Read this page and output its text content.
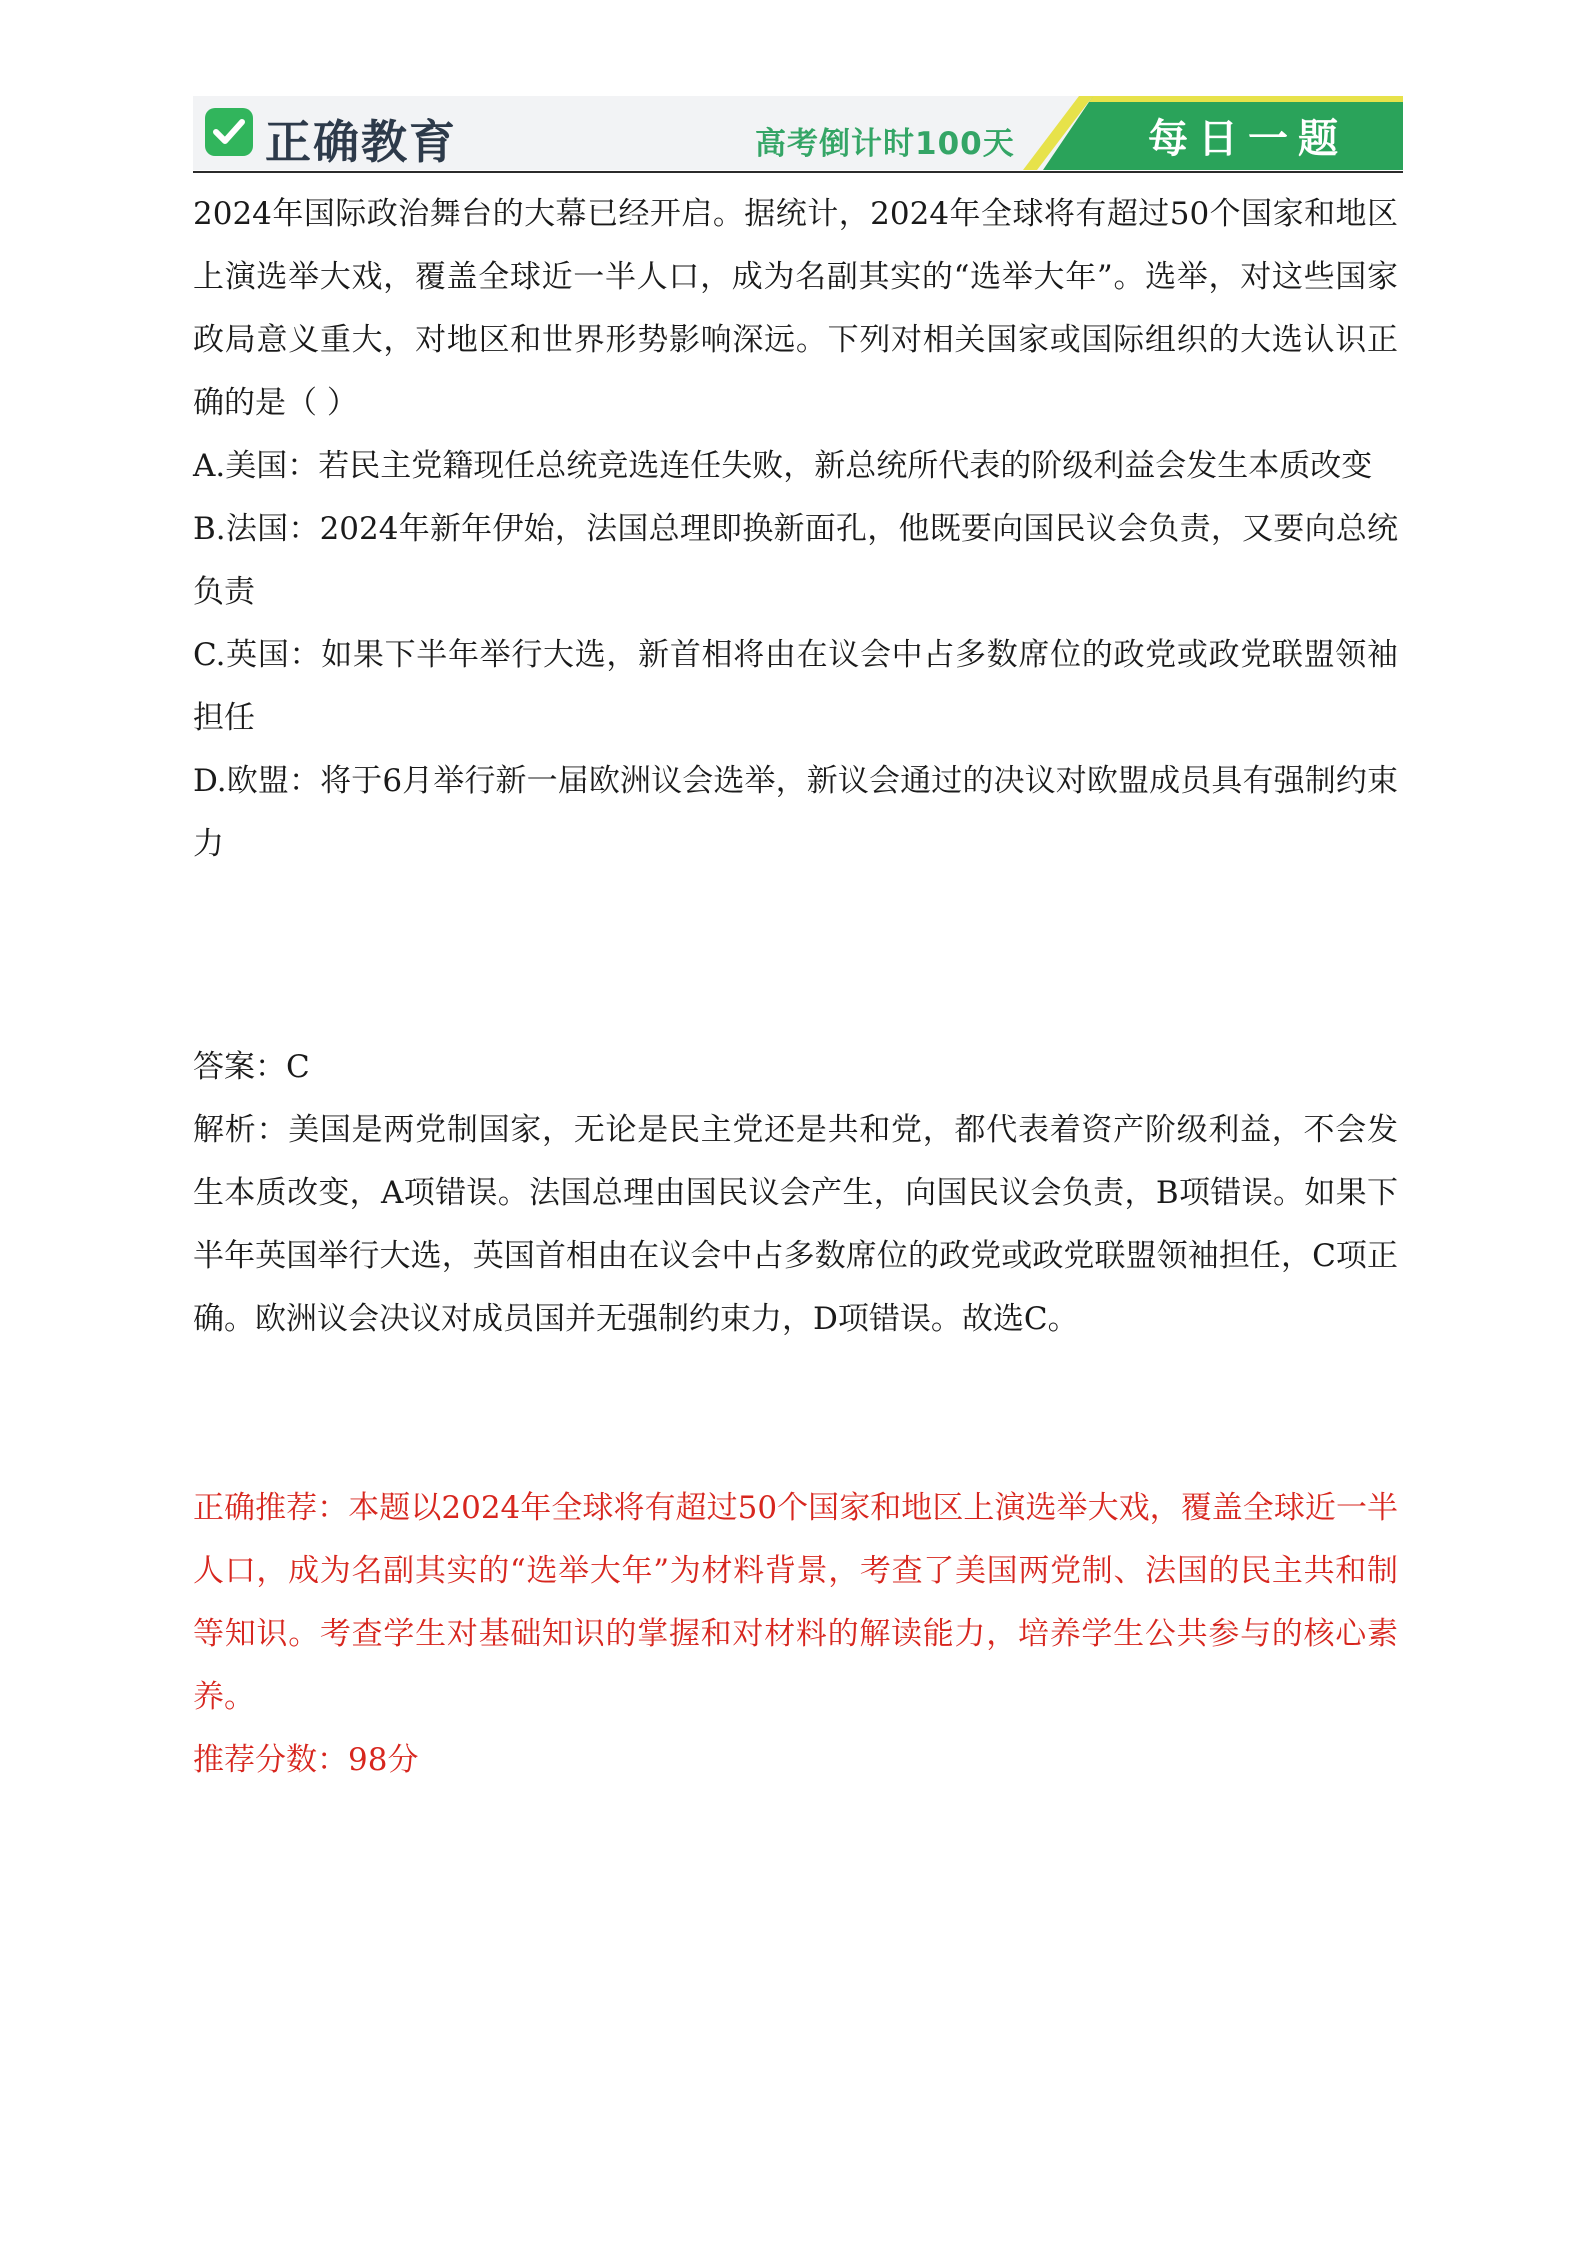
正确教育	高考倒计时100天	每日一题

2024年国际政治舞台的大幕已经开启。据统计，2024年全球将有超过50个国家和地区上演选举大戏，覆盖全球近一半人口，成为名副其实的“选举大年”。选举，对这些国家政局意义重大，对地区和世界形势影响深远。下列对相关国家或国际组织的大选认识正确的是（ ）

A.美国：若民主党籍现任总统竞选连任失败，新总统所代表的阶级利益会发生本质改变

B.法国：2024年新年伊始，法国总理即换新面孔，他既要向国民议会负责，又要向总统负责

C.英国：如果下半年举行大选，新首相将由在议会中占多数席位的政党或政党联盟领袖担任

D.欧盟：将于6月举行新一届欧洲议会选举，新议会通过的决议对欧盟成员具有强制约束力

答案：C

解析：美国是两党制国家，无论是民主党还是共和党，都代表着资产阶级利益，不会发生本质改变，A项错误。法国总理由国民议会产生，向国民议会负责，B项错误。如果下半年英国举行大选，英国首相由在议会中占多数席位的政党或政党联盟领袖担任，C项正确。欧洲议会决议对成员国并无强制约束力，D项错误。故选C。

正确推荐：本题以2024年全球将有超过50个国家和地区上演选举大戏，覆盖全球近一半人口，成为名副其实的“选举大年”为材料背景，考查了美国两党制、法国的民主共和制等知识。考查学生对基础知识的掌握和对材料的解读能力，培养学生公共参与的核心素养。

推荐分数：98分
